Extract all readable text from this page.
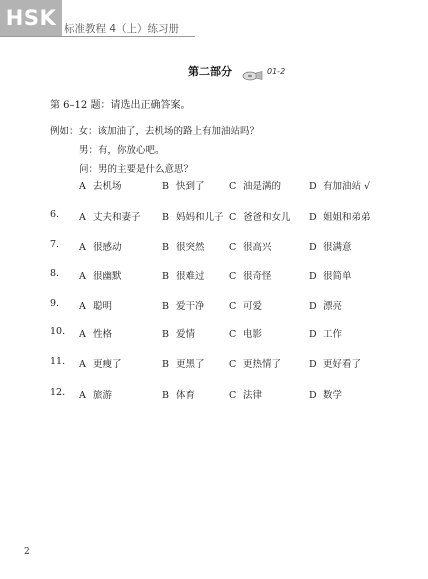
HSK 标准教程 4（上）练习册
第二部分	01-2
第 6–12 题：请选出正确答案。
例如：女：该加油了，去机场的路上有加油站吗？
男：有，你放心吧。
问：男的主要是什么意思？
A 去机场	B 快到了	C 油是满的	D 有加油站 √
6. A 丈夫和妻子 B 妈妈和儿子 C 爸爸和女儿 D 姐姐和弟弟
7. A 很感动	B 很突然	C 很高兴	D 很满意
8. A 很幽默	B 很难过	C 很奇怪	D 很简单
9. A 聪明	B 爱干净	C 可爱	D 漂亮
10. A 性格	B 爱情	C 电影	D 工作
11. A 更瘦了	B 更黑了	C 更热情了	D 更好看了
12. A 旅游	B 体育	C 法律	D 数学
2
